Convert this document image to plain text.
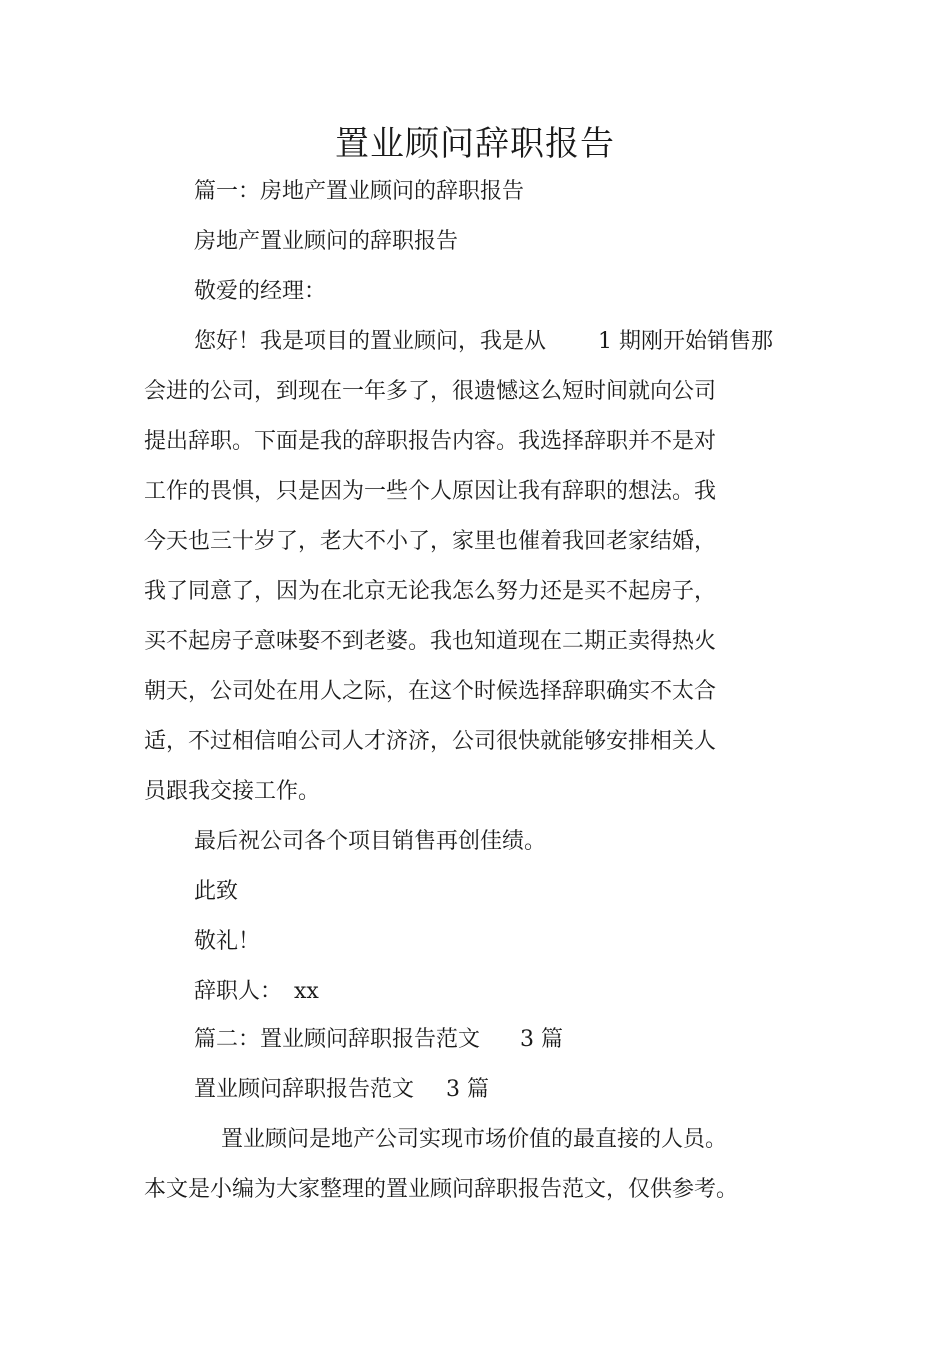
置业顾问辞职报告

篇一：房地产置业顾问的辞职报告

房地产置业顾问的辞职报告

敬爱的经理：

您好！我是项目的置业顾问，我是从 1 期刚开始销售那

会进的公司，到现在一年多了，很遗憾这么短时间就向公司

提出辞职。下面是我的辞职报告内容。我选择辞职并不是对

工作的畏惧，只是因为一些个人原因让我有辞职的想法。我

今天也三十岁了，老大不小了，家里也催着我回老家结婚，

我了同意了，因为在北京无论我怎么努力还是买不起房子，

买不起房子意味娶不到老婆。我也知道现在二期正卖得热火

朝天，公司处在用人之际，在这个时候选择辞职确实不太合

适，不过相信咱公司人才济济，公司很快就能够安排相关人

员跟我交接工作。

最后祝公司各个项目销售再创佳绩。

此致

敬礼！

辞职人： xx

篇二：置业顾问辞职报告范文 3 篇

置业顾问辞职报告范文 3 篇

置业顾问是地产公司实现市场价值的最直接的人员。

本文是小编为大家整理的置业顾问辞职报告范文，仅供参考。
